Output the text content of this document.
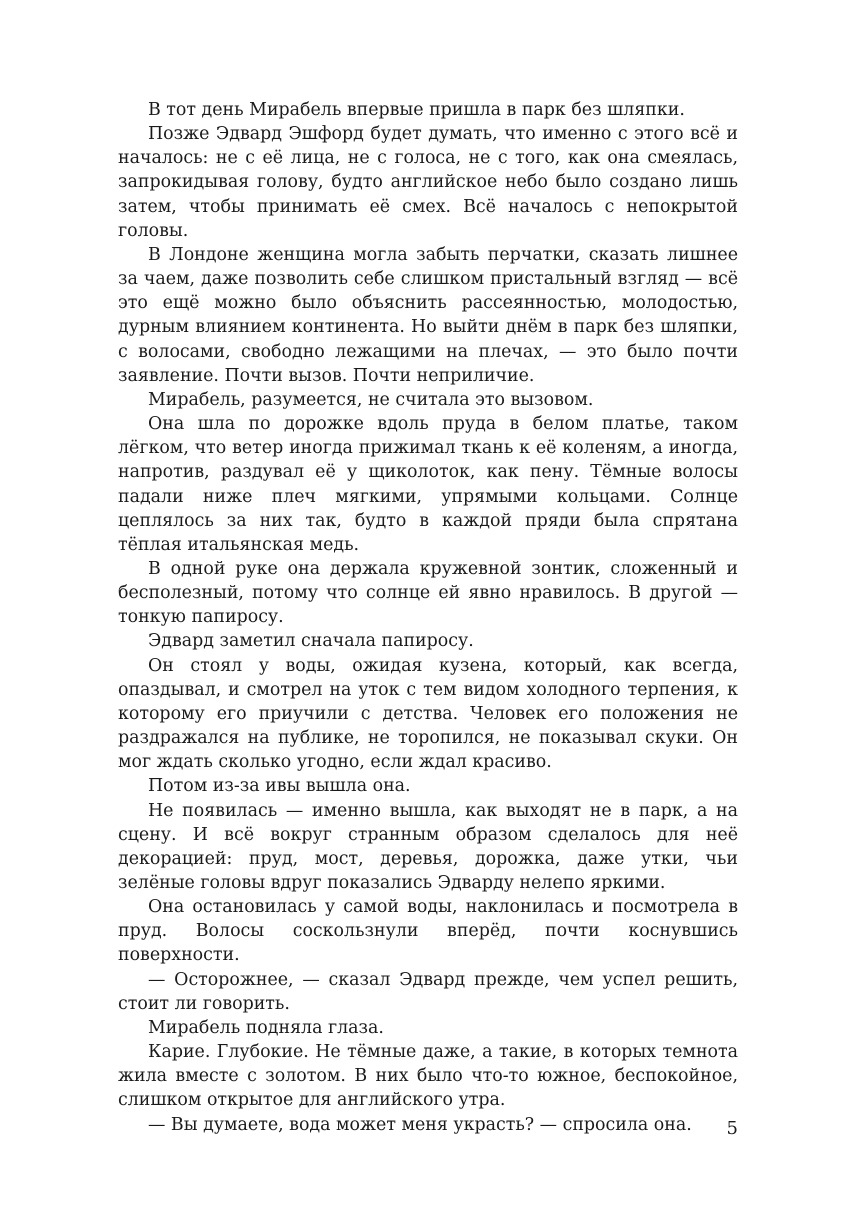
В тот день Мирабель впервые пришла в парк без шляпки.

Позже Эдвард Эшфорд будет думать, что именно с этого всё и началось: не с её лица, не с голоса, не с того, как она смеялась, запрокидывая голову, будто английское небо было создано лишь затем, чтобы принимать её смех. Всё началось с непокрытой головы.

В Лондоне женщина могла забыть перчатки, сказать лишнее за чаем, даже позволить себе слишком пристальный взгляд — всё это ещё можно было объяснить рассеянностью, молодостью, дурным влиянием континента. Но выйти днём в парк без шляпки, с волосами, свободно лежащими на плечах, — это было почти заявление. Почти вызов. Почти неприличие.

Мирабель, разумеется, не считала это вызовом.

Она шла по дорожке вдоль пруда в белом платье, таком лёгком, что ветер иногда прижимал ткань к её коленям, а иногда, напротив, раздувал её у щиколоток, как пену. Тёмные волосы падали ниже плеч мягкими, упрямыми кольцами. Солнце цеплялось за них так, будто в каждой пряди была спрятана тёплая итальянская медь.

В одной руке она держала кружевной зонтик, сложенный и бесполезный, потому что солнце ей явно нравилось. В другой — тонкую папиросу.

Эдвард заметил сначала папиросу.

Он стоял у воды, ожидая кузена, который, как всегда, опаздывал, и смотрел на уток с тем видом холодного терпения, к которому его приучили с детства. Человек его положения не раздражался на публике, не торопился, не показывал скуки. Он мог ждать сколько угодно, если ждал красиво.

Потом из-за ивы вышла она.

Не появилась — именно вышла, как выходят не в парк, а на сцену. И всё вокруг странным образом сделалось для неё декорацией: пруд, мост, деревья, дорожка, даже утки, чьи зелёные головы вдруг показались Эдварду нелепо яркими.

Она остановилась у самой воды, наклонилась и посмотрела в пруд. Волосы соскользнули вперёд, почти коснувшись поверхности.

— Осторожнее, — сказал Эдвард прежде, чем успел решить, стоит ли говорить.

Мирабель подняла глаза.

Карие. Глубокие. Не тёмные даже, а такие, в которых темнота жила вместе с золотом. В них было что-то южное, беспокойное, слишком открытое для английского утра.

— Вы думаете, вода может меня украсть? — спросила она.	5
